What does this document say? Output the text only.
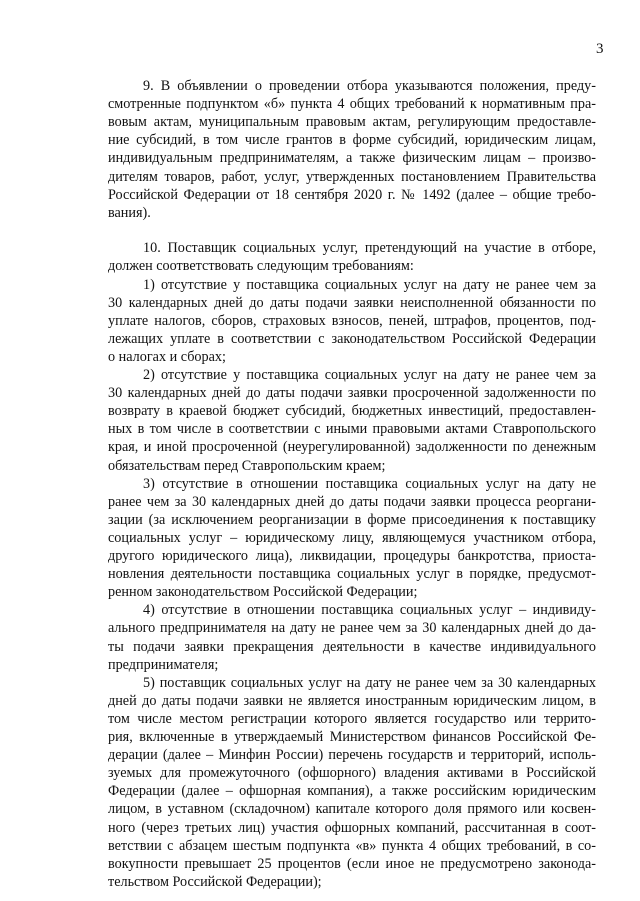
3
9. В объявлении о проведении отбора указываются положения, преду-
смотренные подпунктом «б» пункта 4 общих требований к нормативным пра-
вовым актам, муниципальным правовым актам, регулирующим предоставле-
ние субсидий, в том числе грантов в форме субсидий, юридическим лицам,
индивидуальным предпринимателям, а также физическим лицам – произво-
дителям товаров, работ, услуг, утвержденных постановлением Правительства
Российской Федерации от 18 сентября 2020 г. № 1492 (далее – общие требо-
вания).
10. Поставщик социальных услуг, претендующий на участие в отборе,
должен соответствовать следующим требованиям:
1) отсутствие у поставщика социальных услуг на дату не ранее чем за
30 календарных дней до даты подачи заявки неисполненной обязанности по
уплате налогов, сборов, страховых взносов, пеней, штрафов, процентов, под-
лежащих уплате в соответствии с законодательством Российской Федерации
о налогах и сборах;
2) отсутствие у поставщика социальных услуг на дату не ранее чем за
30 календарных дней до даты подачи заявки просроченной задолженности по
возврату в краевой бюджет субсидий, бюджетных инвестиций, предоставлен-
ных в том числе в соответствии с иными правовыми актами Ставропольского
края, и иной просроченной (неурегулированной) задолженности по денежным
обязательствам перед Ставропольским краем;
3) отсутствие в отношении поставщика социальных услуг на дату не
ранее чем за 30 календарных дней до даты подачи заявки процесса реоргани-
зации (за исключением реорганизации в форме присоединения к поставщику
социальных услуг – юридическому лицу, являющемуся участником отбора,
другого юридического лица), ликвидации, процедуры банкротства, приоста-
новления деятельности поставщика социальных услуг в порядке, предусмот-
ренном законодательством Российской Федерации;
4) отсутствие в отношении поставщика социальных услуг – индивиду-
ального предпринимателя на дату не ранее чем за 30 календарных дней до да-
ты подачи заявки прекращения деятельности в качестве индивидуального
предпринимателя;
5) поставщик социальных услуг на дату не ранее чем за 30 календарных
дней до даты подачи заявки не является иностранным юридическим лицом, в
том числе местом регистрации которого является государство или террито-
рия, включенные в утверждаемый Министерством финансов Российской Фе-
дерации (далее – Минфин России) перечень государств и территорий, исполь-
зуемых для промежуточного (офшорного) владения активами в Российской
Федерации (далее – офшорная компания), а также российским юридическим
лицом, в уставном (складочном) капитале которого доля прямого или косвен-
ного (через третьих лиц) участия офшорных компаний, рассчитанная в соот-
ветствии с абзацем шестым подпункта «в» пункта 4 общих требований, в со-
вокупности превышает 25 процентов (если иное не предусмотрено законода-
тельством Российской Федерации);
